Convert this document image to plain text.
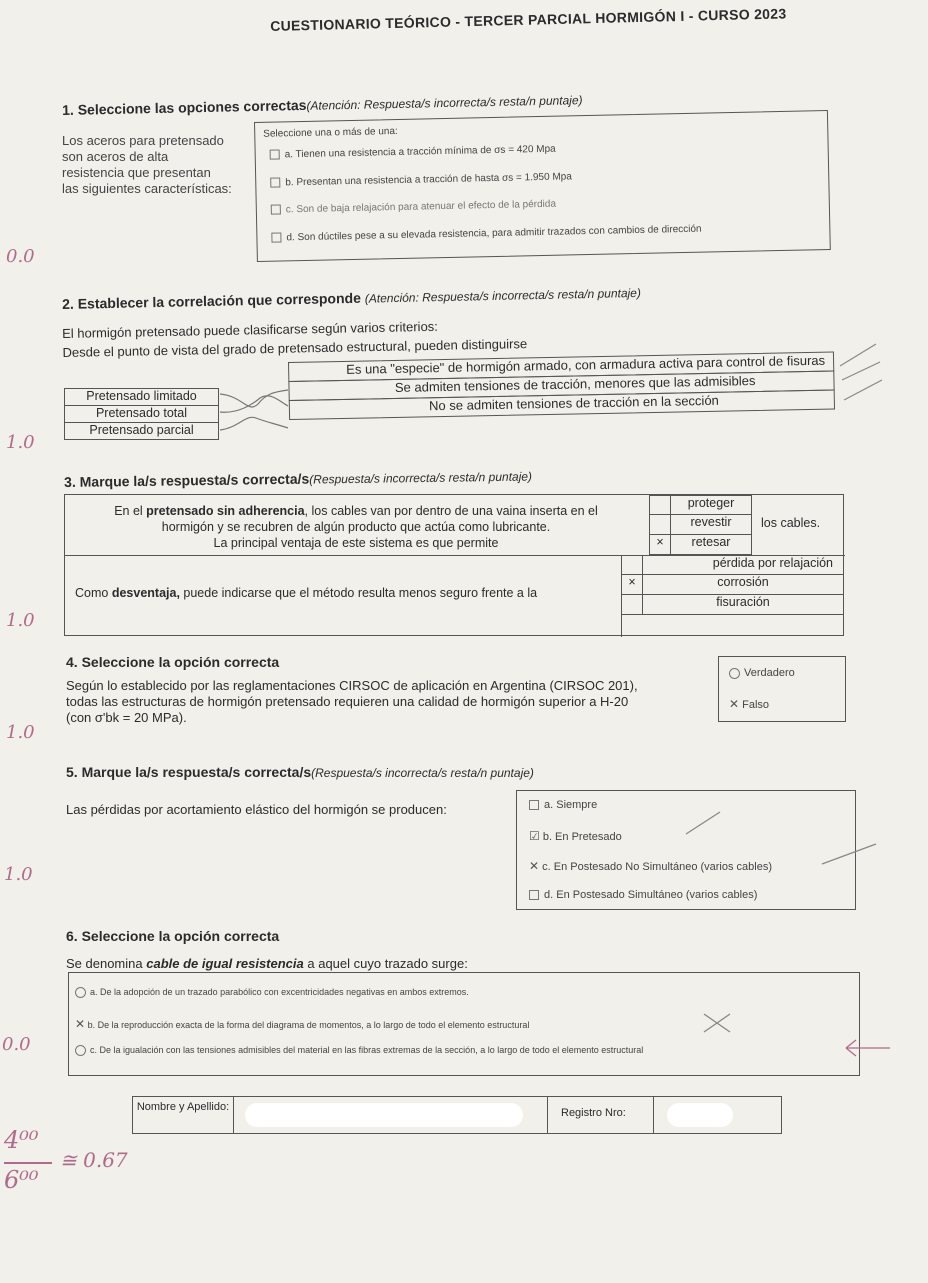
CUESTIONARIO TEÓRICO - TERCER PARCIAL HORMIGÓN I - CURSO 2023
1. Seleccione las opciones correctas(Atención: Respuesta/s incorrecta/s resta/n puntaje)
Los aceros para pretensado
son aceros de alta
resistencia que presentan
las siguientes características:
Seleccione una o más de una:
a. Tienen una resistencia a tracción mínima de σs = 420 Mpa
b. Presentan una resistencia a tracción de hasta σs = 1.950 Mpa
c. Son de baja relajación para atenuar el efecto de la pérdida
d. Son dúctiles pese a su elevada resistencia, para admitir trazados con cambios de dirección
0.0
2. Establecer la correlación que corresponde (Atención: Respuesta/s incorrecta/s resta/n puntaje)
El hormigón pretensado puede clasificarse según varios criterios:
Desde el punto de vista del grado de pretensado estructural, pueden distinguirse
Pretensado limitado
Pretensado total
Pretensado parcial
Es una "especie" de hormigón armado, con armadura activa para control de fisuras
Se admiten tensiones de tracción, menores que las admisibles
No se admiten tensiones de tracción en la sección
1.0
3. Marque la/s respuesta/s correcta/s(Respuesta/s incorrecta/s resta/n puntaje)
En el pretensado sin adherencia, los cables van por dentro de una vaina inserta en el
hormigón y se recubren de algún producto que actúa como lubricante.
La principal ventaja de este sistema es que permite
proteger
revestir
×	retesar
los cables.
Como desventaja, puede indicarse que el método resulta menos seguro frente a la
pérdida por relajación
×	corrosión
fisuración
1.0
4. Seleccione la opción correcta
Según lo establecido por las reglamentaciones CIRSOC de aplicación en Argentina (CIRSOC 201),
todas las estructuras de hormigón pretensado requieren una calidad de hormigón superior a H-20
(con σ'bk = 20 MPa).
Verdadero
✕ Falso
1.0
5. Marque la/s respuesta/s correcta/s(Respuesta/s incorrecta/s resta/n puntaje)
Las pérdidas por acortamiento elástico del hormigón se producen:	a. Siempre
☑ b. En Pretesado
✕ c. En Postesado No Simultáneo (varios cables)
d. En Postesado Simultáneo (varios cables)
1.0
6. Seleccione la opción correcta
Se denomina cable de igual resistencia a aquel cuyo trazado surge:
a. De la adopción de un trazado parabólico con excentricidades negativas en ambos extremos.
✕ b. De la reproducción exacta de la forma del diagrama de momentos, a lo largo de todo el elemento estructural
c. De la igualación con las tensiones admisibles del material en las fibras extremas de la sección, a lo largo de todo el elemento estructural
0.0
Nombre y Apellido:	Registro Nro:
4⁰⁰
6⁰⁰
≅ 0.67
